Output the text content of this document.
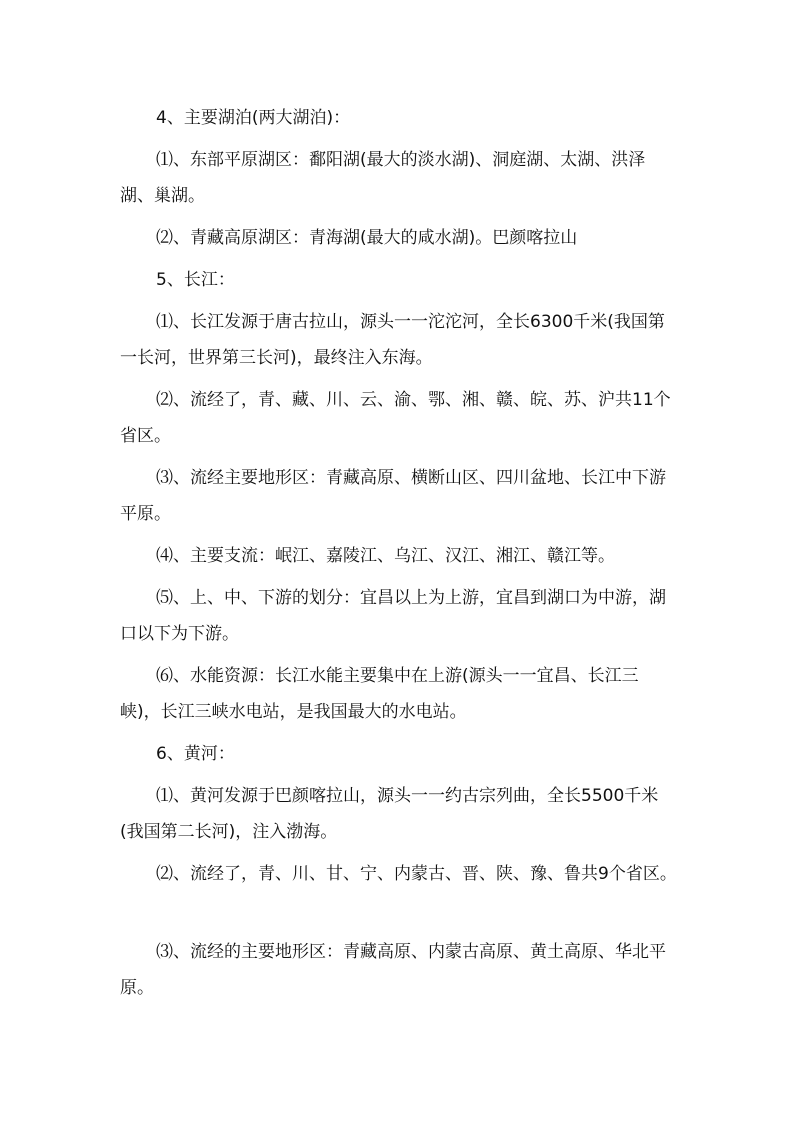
4、主要湖泊(两大湖泊)：

⑴、东部平原湖区：鄱阳湖(最大的淡水湖)、洞庭湖、太湖、洪泽湖、巢湖。

⑵、青藏高原湖区：青海湖(最大的咸水湖)。巴颜喀拉山

5、长江：

⑴、长江发源于唐古拉山，源头一一沱沱河，全长6300千米(我国第一长河，世界第三长河)，最终注入东海。

⑵、流经了，青、藏、川、云、渝、鄂、湘、赣、皖、苏、沪共11个省区。

⑶、流经主要地形区：青藏高原、横断山区、四川盆地、长江中下游平原。

⑷、主要支流：岷江、嘉陵江、乌江、汉江、湘江、赣江等。

⑸、上、中、下游的划分：宜昌以上为上游，宜昌到湖口为中游，湖口以下为下游。

⑹、水能资源：长江水能主要集中在上游(源头一一宜昌、长江三峡)，长江三峡水电站，是我国最大的水电站。

6、黄河：

⑴、黄河发源于巴颜喀拉山，源头一一约古宗列曲，全长5500千米(我国第二长河)，注入渤海。

⑵、流经了，青、川、甘、宁、内蒙古、晋、陕、豫、鲁共9个省区。

⑶、流经的主要地形区：青藏高原、内蒙古高原、黄土高原、华北平原。
